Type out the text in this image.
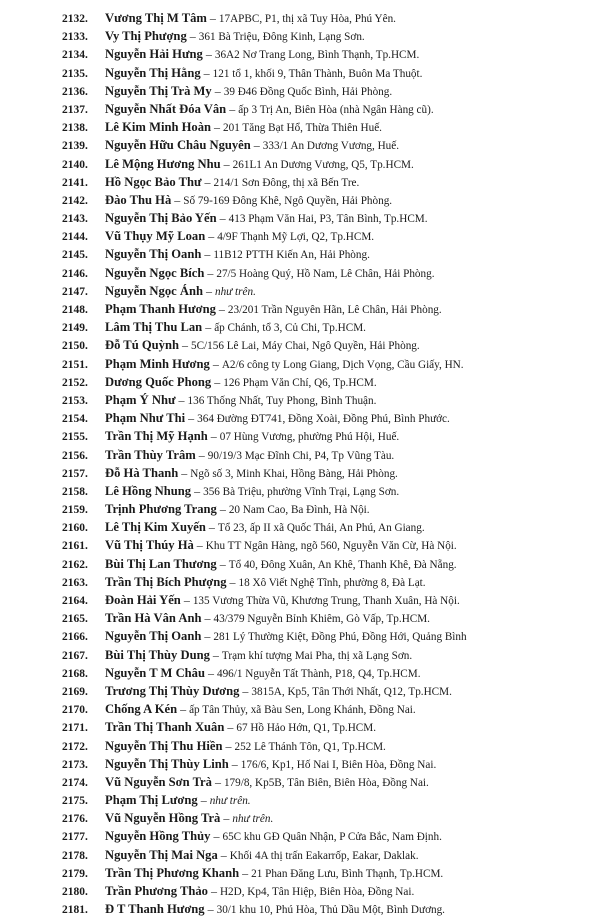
2132. Vương Thị M Tâm – 17APBC, P1, thị xã Tuy Hòa, Phú Yên.
2133. Vy Thị Phượng – 361 Bà Triệu, Đông Kinh, Lạng Sơn.
2134. Nguyễn Hải Hưng – 36A2 Nơ Trang Long, Bình Thạnh, Tp.HCM.
2135. Nguyễn Thị Hằng – 121 tổ 1, khối 9, Thân Thành, Buôn Ma Thuột.
2136. Nguyễn Thị Trà My – 39 Đ46 Đồng Quốc Bình, Hải Phòng.
2137. Nguyễn Nhất Đóa Vân – ấp 3 Trị An, Biên Hòa (nhà Ngân Hàng cũ).
2138. Lê Kim Minh Hoàn – 201 Tăng Bạt Hổ, Thừa Thiên Huế.
2139. Nguyễn Hữu Châu Nguyên – 333/1 An Dương Vương, Huế.
2140. Lê Mộng Hương Nhu – 261L1 An Dương Vương, Q5, Tp.HCM.
2141. Hồ Ngọc Bảo Thư – 214/1 Sơn Đông, thị xã Bến Tre.
2142. Đào Thu Hà – Số 79-169 Đông Khê, Ngô Quyền, Hải Phòng.
2143. Nguyễn Thị Bảo Yến – 413 Phạm Văn Hai, P3, Tân Bình, Tp.HCM.
2144. Vũ Thụy Mỹ Loan – 4/9F Thạnh Mỹ Lợi, Q2, Tp.HCM.
2145. Nguyễn Thị Oanh – 11B12 PTTH Kiến An, Hải Phòng.
2146. Nguyễn Ngọc Bích – 27/5 Hoàng Quý, Hồ Nam, Lê Chân, Hải Phòng.
2147. Nguyễn Ngọc Ánh – như trên.
2148. Phạm Thanh Hương – 23/201 Trần Nguyên Hãn, Lê Chân, Hải Phòng.
2149. Lâm Thị Thu Lan – ấp Chánh, tổ 3, Củ Chi, Tp.HCM.
2150. Đỗ Tú Quỳnh – 5C/156 Lê Lai, Máy Chai, Ngô Quyền, Hải Phòng.
2151. Phạm Minh Hương – A2/6 công ty Long Giang, Dịch Vọng, Cầu Giấy, HN.
2152. Dương Quốc Phong – 126 Phạm Văn Chí, Q6, Tp.HCM.
2153. Phạm Ý Như – 136 Thống Nhất, Tuy Phong, Bình Thuận.
2154. Phạm Như Thi – 364 Đường ĐT741, Đồng Xoài, Đồng Phú, Bình Phước.
2155. Trần Thị Mỹ Hạnh – 07 Hùng Vương, phường Phú Hội, Huế.
2156. Trần Thùy Trâm – 90/19/3 Mạc Đĩnh Chi, P4, Tp Vũng Tàu.
2157. Đỗ Hà Thanh – Ngõ số 3, Minh Khai, Hồng Bàng, Hải Phòng.
2158. Lê Hồng Nhung – 356 Bà Triệu, phường Vĩnh Trại, Lạng Sơn.
2159. Trịnh Phương Trang – 20 Nam Cao, Ba Đình, Hà Nội.
2160. Lê Thị Kim Xuyến – Tổ 23, ấp II xã Quốc Thái, An Phú, An Giang.
2161. Vũ Thị Thúy Hà – Khu TT Ngân Hàng, ngõ 560, Nguyễn Văn Cừ, Hà Nội.
2162. Bùi Thị Lan Thương – Tổ 40, Đông Xuân, An Khê, Thanh Khê, Đà Nẵng.
2163. Trần Thị Bích Phượng – 18 Xô Viết Nghệ Tĩnh, phường 8, Đà Lạt.
2164. Đoàn Hải Yến – 135 Vương Thừa Vũ, Khương Trung, Thanh Xuân, Hà Nội.
2165. Trần Hà Vân Anh – 43/379 Nguyễn Bỉnh Khiêm, Gò Vấp, Tp.HCM.
2166. Nguyễn Thị Oanh – 281 Lý Thường Kiệt, Đồng Phú, Đồng Hới, Quảng Bình
2167. Bùi Thị Thùy Dung – Trạm khí tượng Mai Pha, thị xã Lạng Sơn.
2168. Nguyễn T M Châu – 496/1 Nguyễn Tất Thành, P18, Q4, Tp.HCM.
2169. Trương Thị Thùy Dương – 3815A, Kp5, Tân Thới Nhất, Q12, Tp.HCM.
2170. Chống A Kén – ấp Tân Thủy, xã Bàu Sen, Long Khánh, Đồng Nai.
2171. Trần Thị Thanh Xuân – 67 Hồ Hảo Hớn, Q1, Tp.HCM.
2172. Nguyễn Thị Thu Hiền – 252 Lê Thánh Tôn, Q1, Tp.HCM.
2173. Nguyễn Thị Thùy Linh – 176/6, Kp1, Hố Nai I, Biên Hòa, Đồng Nai.
2174. Vũ Nguyễn Sơn Trà – 179/8, Kp5B, Tân Biên, Biên Hòa, Đồng Nai.
2175. Phạm Thị Lương – như trên.
2176. Vũ Nguyễn Hồng Trà – như trên.
2177. Nguyễn Hồng Thủy – 65C khu GĐ Quân Nhận, P Cửa Bắc, Nam Định.
2178. Nguyễn Thị Mai Nga – Khối 4A thị trấn Eakarrốp, Eakar, Daklak.
2179. Trần Thị Phương Khanh – 21 Phan Đăng Lưu, Bình Thạnh, Tp.HCM.
2180. Trần Phương Thảo – H2D, Kp4, Tân Hiệp, Biên Hòa, Đồng Nai.
2181. Đ T Thanh Hương – 30/1 khu 10, Phú Hòa, Thủ Dầu Một, Bình Dương.
